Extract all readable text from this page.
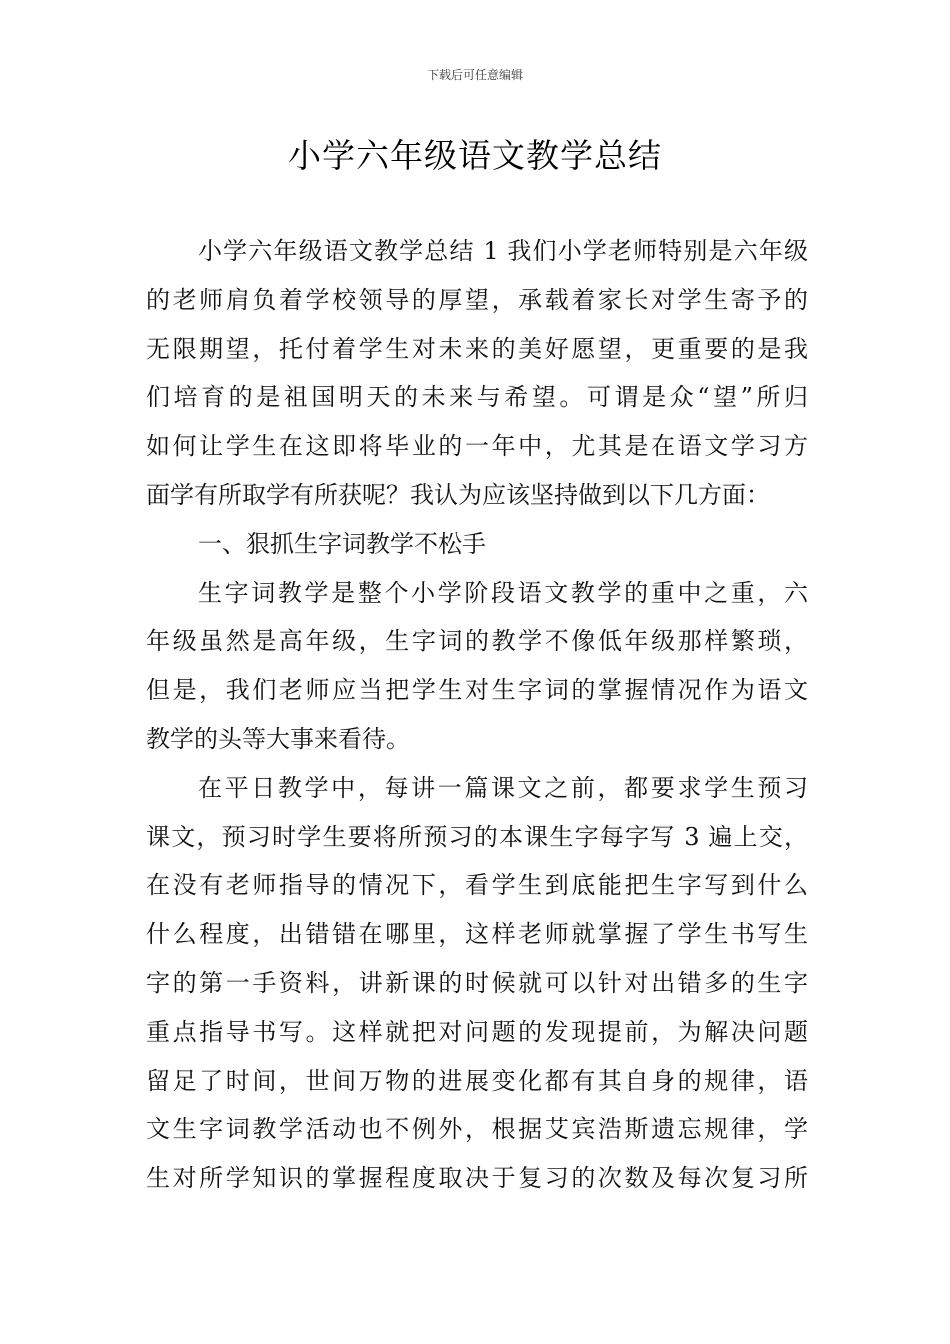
下载后可任意编辑
小学六年级语文教学总结
小学六年级语文教学总结 1 我们小学老师特别是六年级
的老师肩负着学校领导的厚望，承载着家长对学生寄予的
无限期望，托付着学生对未来的美好愿望，更重要的是我
们培育的是祖国明天的未来与希望。可谓是众“望”所归
如何让学生在这即将毕业的一年中，尤其是在语文学习方
面学有所取学有所获呢？我认为应该坚持做到以下几方面：
一、狠抓生字词教学不松手
生字词教学是整个小学阶段语文教学的重中之重，六
年级虽然是高年级，生字词的教学不像低年级那样繁琐，
但是，我们老师应当把学生对生字词的掌握情况作为语文
教学的头等大事来看待。
在平日教学中，每讲一篇课文之前，都要求学生预习
课文，预习时学生要将所预习的本课生字每字写 3 遍上交，
在没有老师指导的情况下，看学生到底能把生字写到什么
什么程度，出错错在哪里，这样老师就掌握了学生书写生
字的第一手资料，讲新课的时候就可以针对出错多的生字
重点指导书写。这样就把对问题的发现提前，为解决问题
留足了时间，世间万物的进展变化都有其自身的规律，语
文生字词教学活动也不例外，根据艾宾浩斯遗忘规律，学
生对所学知识的掌握程度取决于复习的次数及每次复习所
